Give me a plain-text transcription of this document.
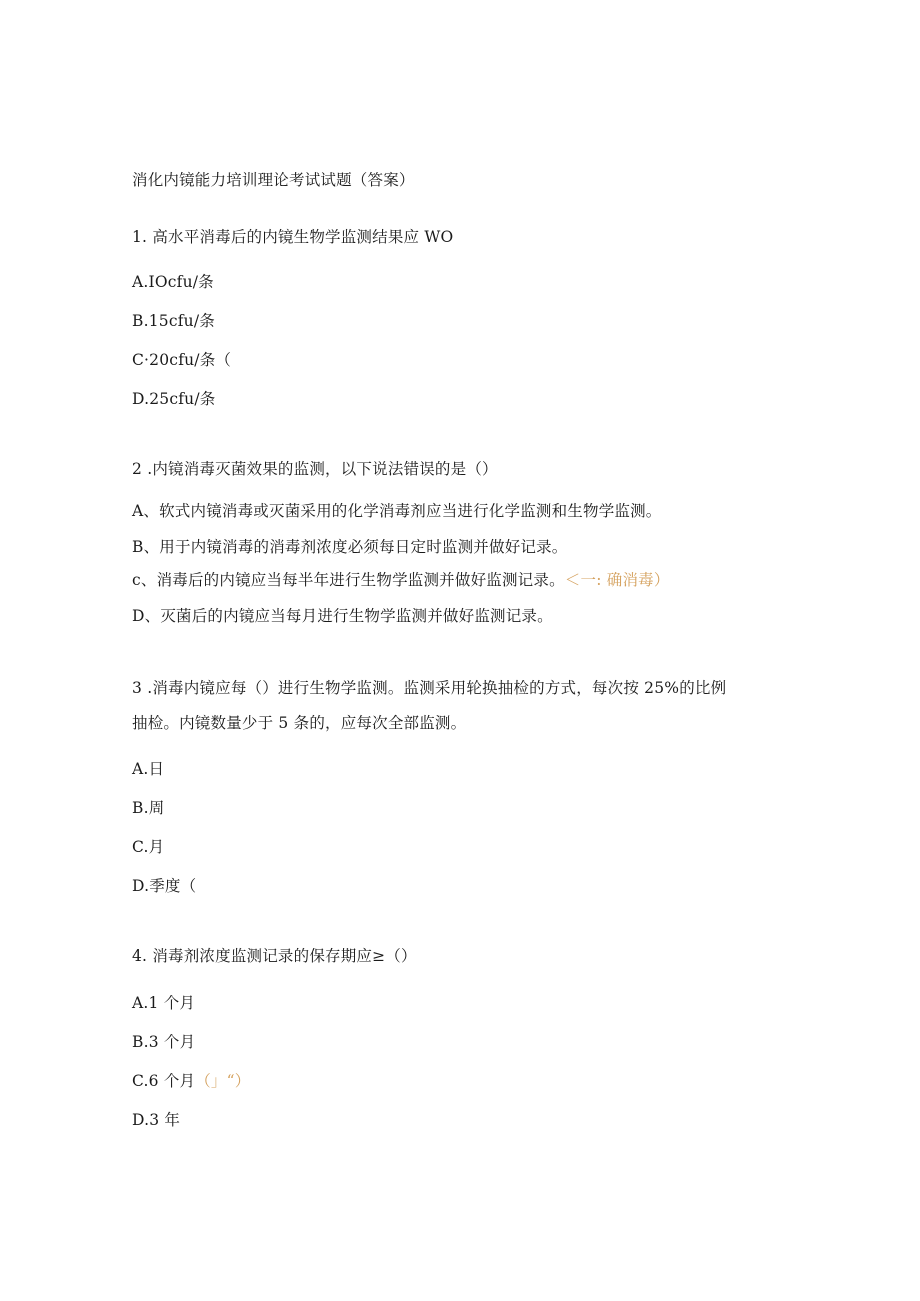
消化内镜能力培训理论考试试题（答案）
1. 高水平消毒后的内镜生物学监测结果应 WO
A.IOcfu/条
B.15cfu/条
C·20cfu/条（
D.25cfu/条
2 .内镜消毒灭菌效果的监测，以下说法错误的是（）
A、软式内镜消毒或灭菌采用的化学消毒剂应当进行化学监测和生物学监测。
B、用于内镜消毒的消毒剂浓度必须每日定时监测并做好记录。
c、消毒后的内镜应当每半年进行生物学监测并做好监测记录。＜一: 确消毒）
D、灭菌后的内镜应当每月进行生物学监测并做好监测记录。
3 .消毒内镜应每（）进行生物学监测。监测采用轮换抽检的方式，每次按 25%的比例
抽检。内镜数量少于 5 条的，应每次全部监测。
A.日
B.周
C.月
D.季度（
4. 消毒剂浓度监测记录的保存期应≥（）
A.1 个月
B.3 个月
C.6 个月（」“）
D.3 年
